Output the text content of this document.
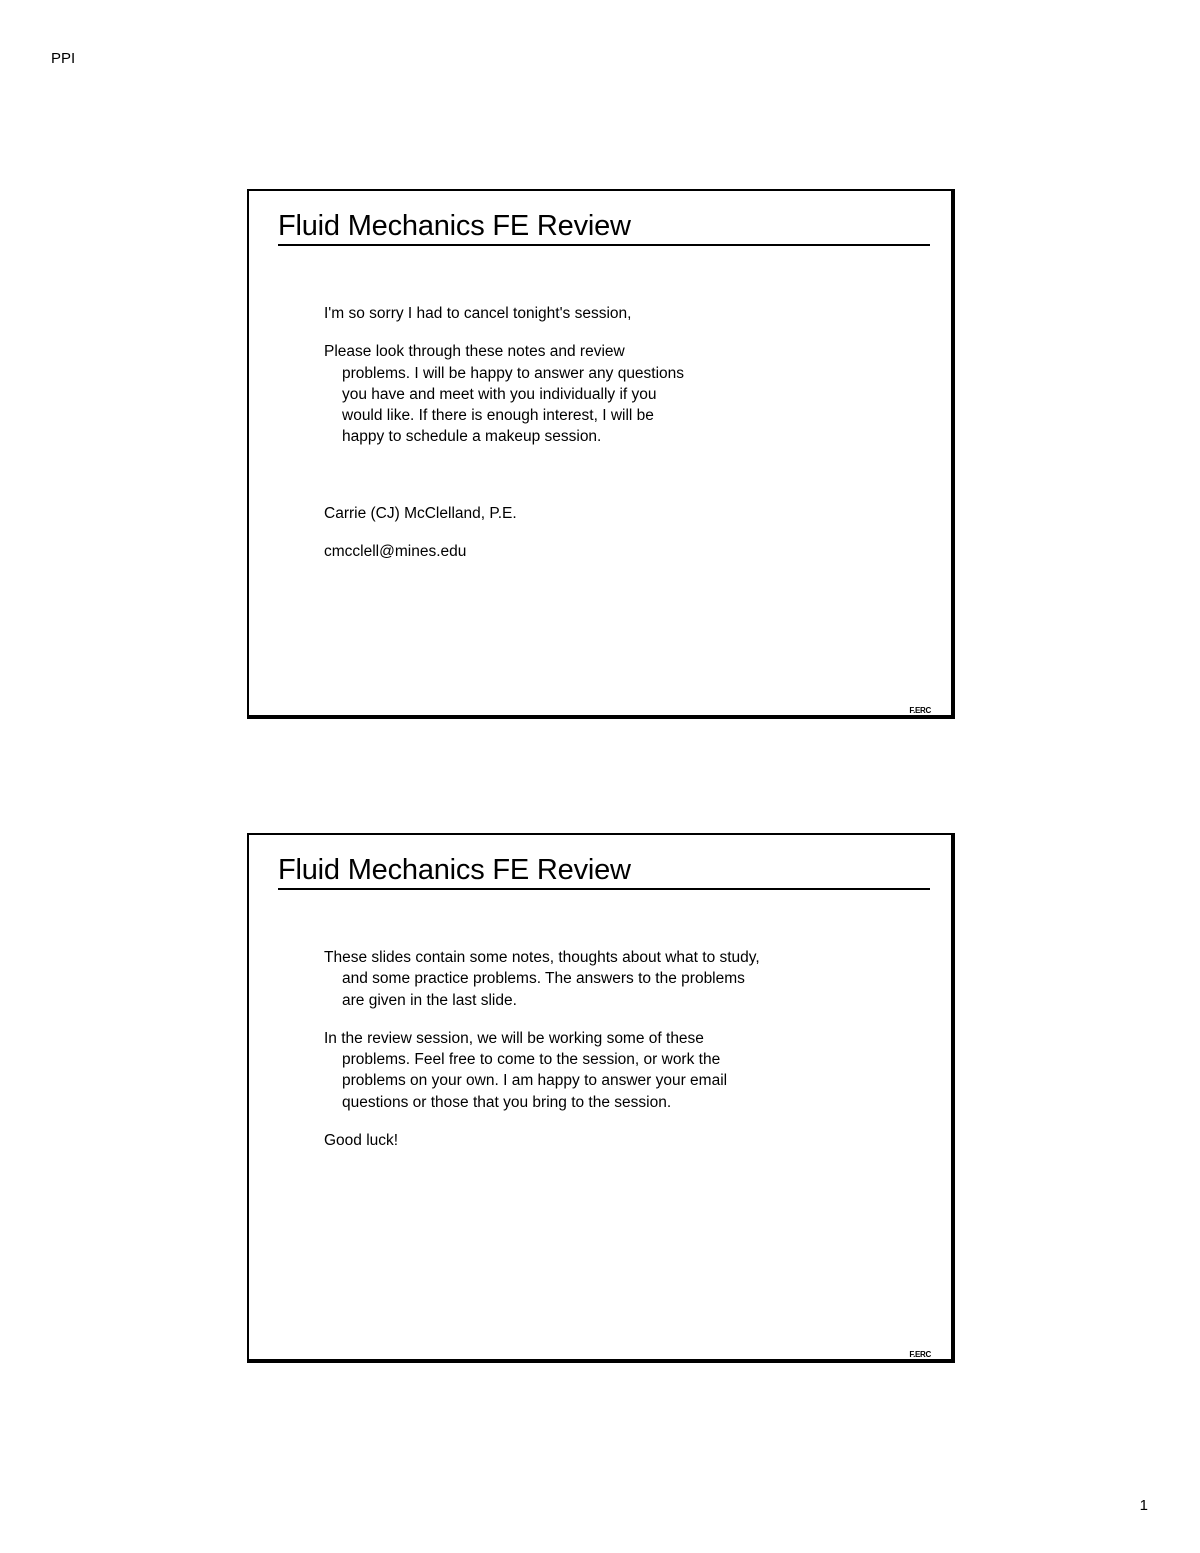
PPI
Fluid Mechanics FE Review

I'm so sorry I had to cancel tonight's session,

Please look through these notes and review
problems. I will be happy to answer any questions
you have and meet with you individually if you
would like. If there is enough interest, I will be
happy to schedule a makeup session.

Carrie (CJ) McClelland, P.E.

cmcclell@mines.edu

F.ERC
Fluid Mechanics FE Review

These slides contain some notes, thoughts about what to study,
and some practice problems. The answers to the problems
are given in the last slide.

In the review session, we will be working some of these
problems. Feel free to come to the session, or work the
problems on your own. I am happy to answer your email
questions or those that you bring to the session.

Good luck!

F.ERC
1
